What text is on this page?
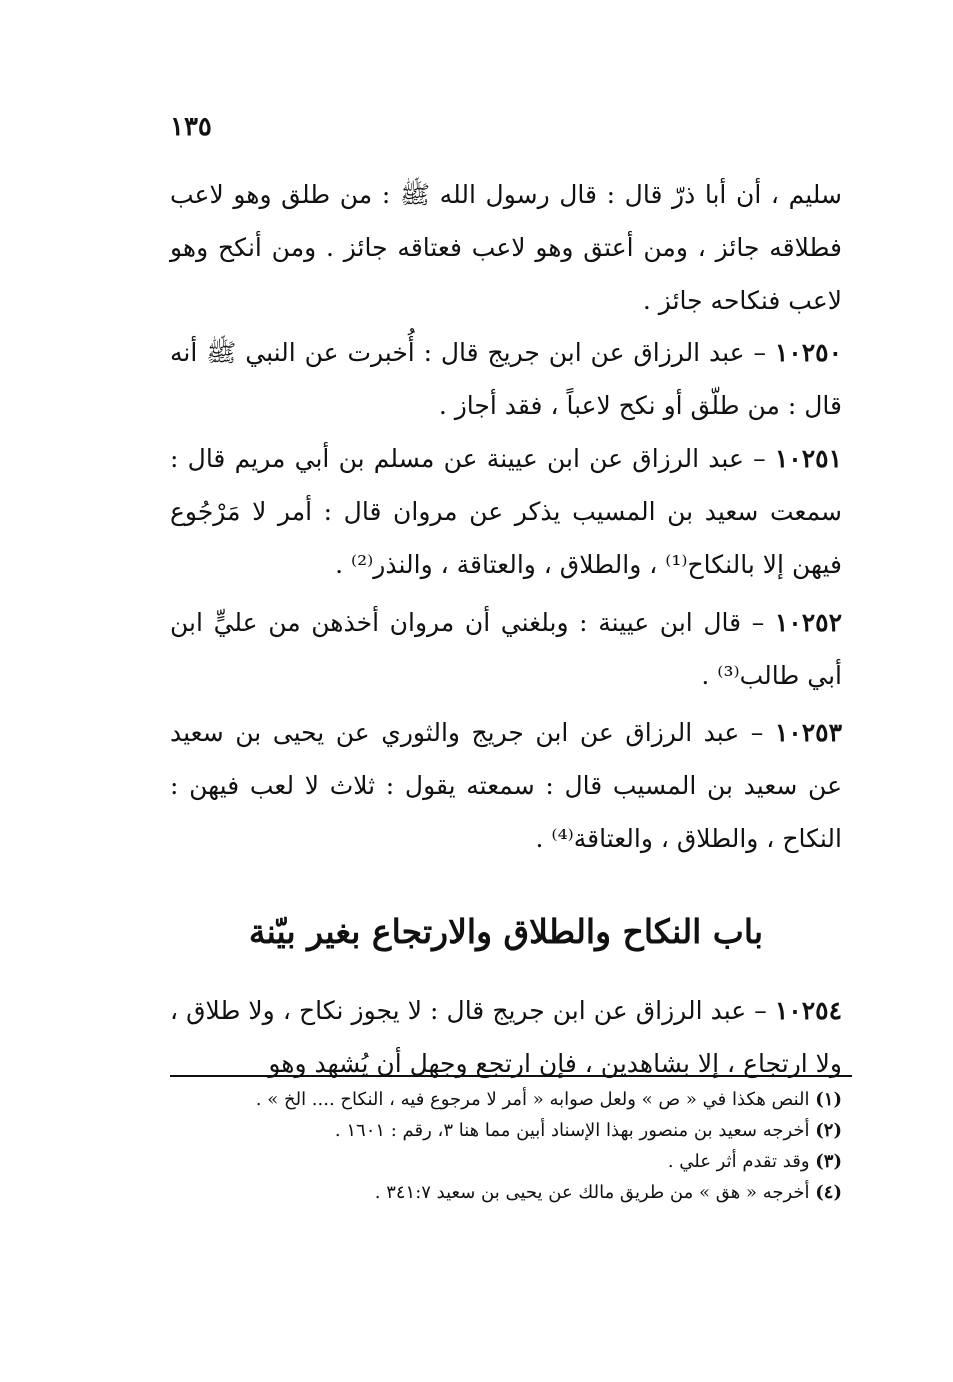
١٣٥

سليم ، أن أبا ذرّ قال : قال رسول الله ﷺ : من طلق وهو لاعب فطلاقه جائز ، ومن أعتق وهو لاعب فعتاقه جائز . ومن أنكح وهو لاعب فنكاحه جائز .

١٠٢٥٠ – عبد الرزاق عن ابن جريج قال : أُخبرت عن النبي ﷺ أنه قال : من طلّق أو نكح لاعباً ، فقد أجاز .

١٠٢٥١ – عبد الرزاق عن ابن عيينة عن مسلم بن أبي مريم قال : سمعت سعيد بن المسيب يذكر عن مروان قال : أمر لا مَرْجُوع فيهن إلا بالنكاح⁽¹⁾ ، والطلاق ، والعتاقة ، والنذر⁽²⁾ .

١٠٢٥٢ – قال ابن عيينة : وبلغني أن مروان أخذهن من عليٍّ ابن أبي طالب⁽³⁾ .

١٠٢٥٣ – عبد الرزاق عن ابن جريج والثوري عن يحيى بن سعيد عن سعيد بن المسيب قال : سمعته يقول : ثلاث لا لعب فيهن : النكاح ، والطلاق ، والعتاقة⁽⁴⁾ .

باب النكاح والطلاق والارتجاع بغير بيّنة

١٠٢٥٤ – عبد الرزاق عن ابن جريج قال : لا يجوز نكاح ، ولا طلاق ، ولا ارتجاع ، إلا بشاهدين ، فإن ارتجع وجهل أن يُشهد وهو

(١) النص هكذا في « ص » ولعل صوابه « أمر لا مرجوع فيه ، النكاح .... الخ » .

(٢) أخرجه سعيد بن منصور بهذا الإسناد أبين مما هنا ٣، رقم : ١٦٠١ .

(٣) وقد تقدم أثر علي .

(٤) أخرجه « هق » من طريق مالك عن يحيى بن سعيد ٣٤١:٧ .
